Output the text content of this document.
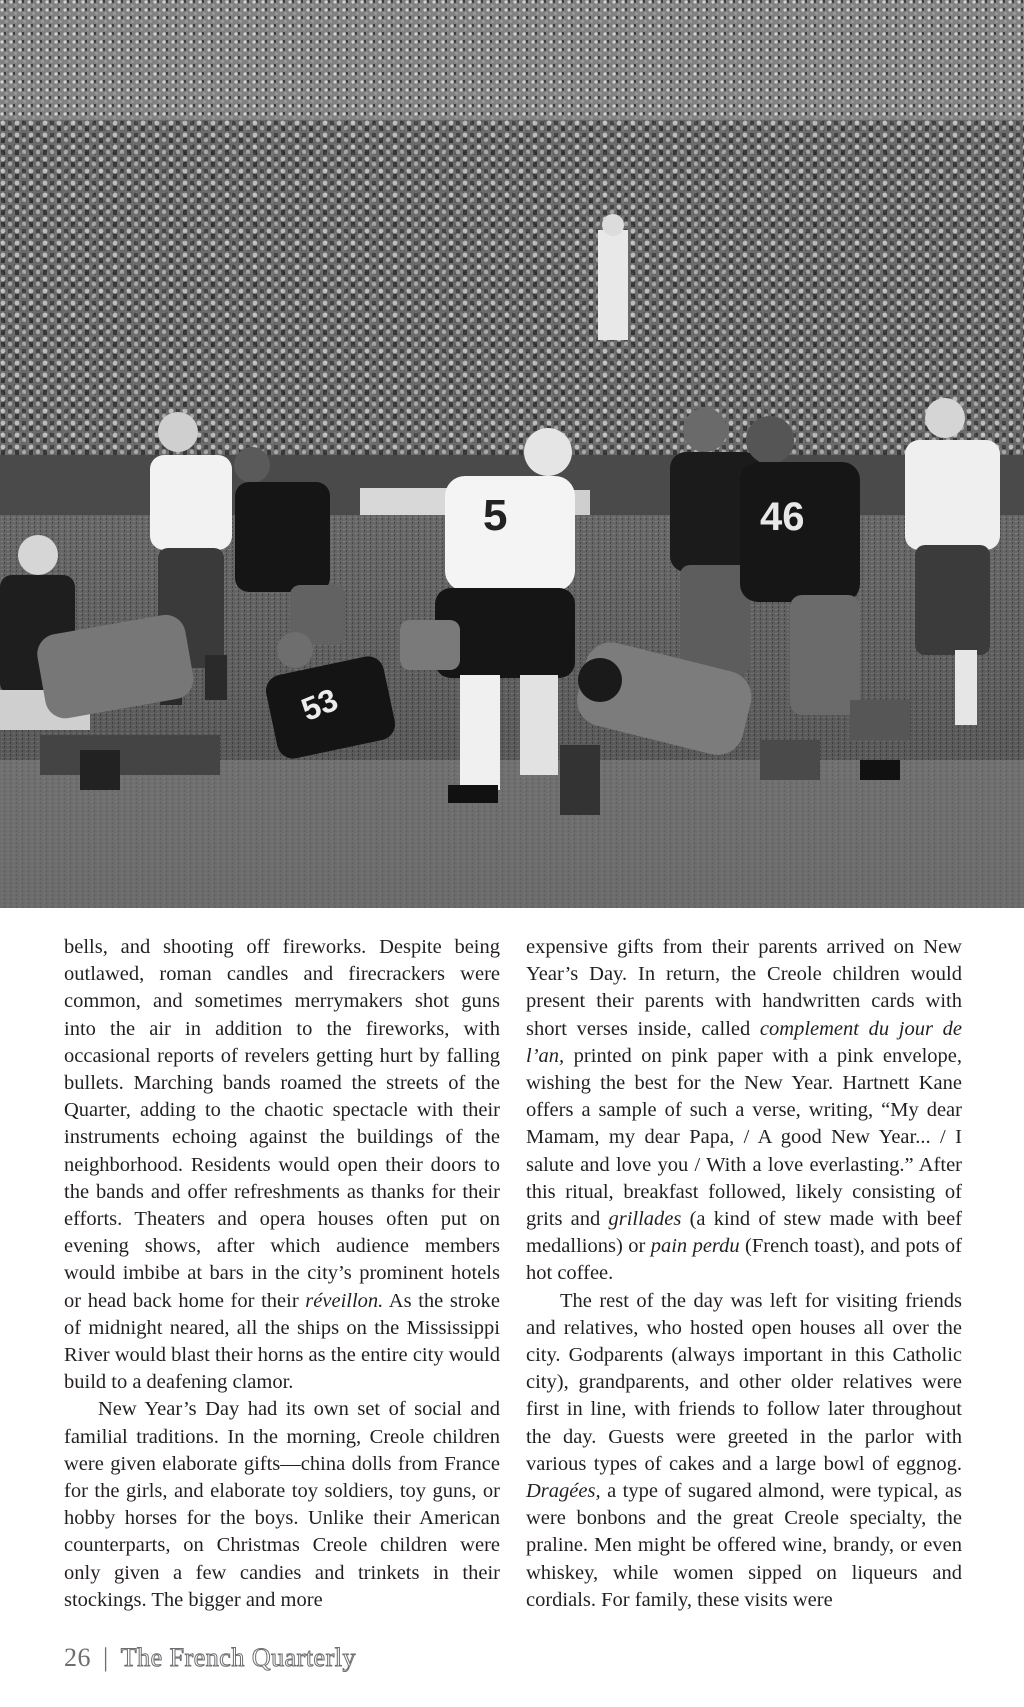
5	46
53

bells, and shooting off fireworks. Despite being outlawed, roman candles and firecrackers were common, and sometimes merrymakers shot guns into the air in addition to the fireworks, with occasional reports of revelers getting hurt by falling bullets. Marching bands roamed the streets of the Quarter, adding to the chaotic spectacle with their instruments echoing against the buildings of the neighborhood. Residents would open their doors to the bands and offer refreshments as thanks for their efforts. Theaters and opera houses often put on evening shows, after which audience members would imbibe at bars in the city’s prominent hotels or head back home for their réveillon. As the stroke of midnight neared, all the ships on the Mississippi River would blast their horns as the entire city would build to a deafening clamor.

New Year’s Day had its own set of social and familial traditions. In the morning, Creole children were given elaborate gifts—china dolls from France for the girls, and elaborate toy soldiers, toy guns, or hobby horses for the boys. Unlike their American counterparts, on Christmas Creole children were only given a few candies and trinkets in their stockings. The bigger and more

expensive gifts from their parents arrived on New Year’s Day. In return, the Creole children would present their parents with handwritten cards with short verses inside, called complement du jour de l’an, printed on pink paper with a pink envelope, wishing the best for the New Year. Hartnett Kane offers a sample of such a verse, writing, “My dear Mamam, my dear Papa, / A good New Year... / I salute and love you / With a love everlasting.” After this ritual, breakfast followed, likely consisting of grits and grillades (a kind of stew made with beef medallions) or pain perdu (French toast), and pots of hot coffee.

The rest of the day was left for visiting friends and relatives, who hosted open houses all over the city. Godparents (always important in this Catholic city), grandparents, and other older relatives were first in line, with friends to follow later throughout the day. Guests were greeted in the parlor with various types of cakes and a large bowl of eggnog. Dragées, a type of sugared almond, were typical, as were bonbons and the great Creole specialty, the praline. Men might be offered wine, brandy, or even whiskey, while women sipped on liqueurs and cordials. For family, these visits were

26 | The French Quarterly
